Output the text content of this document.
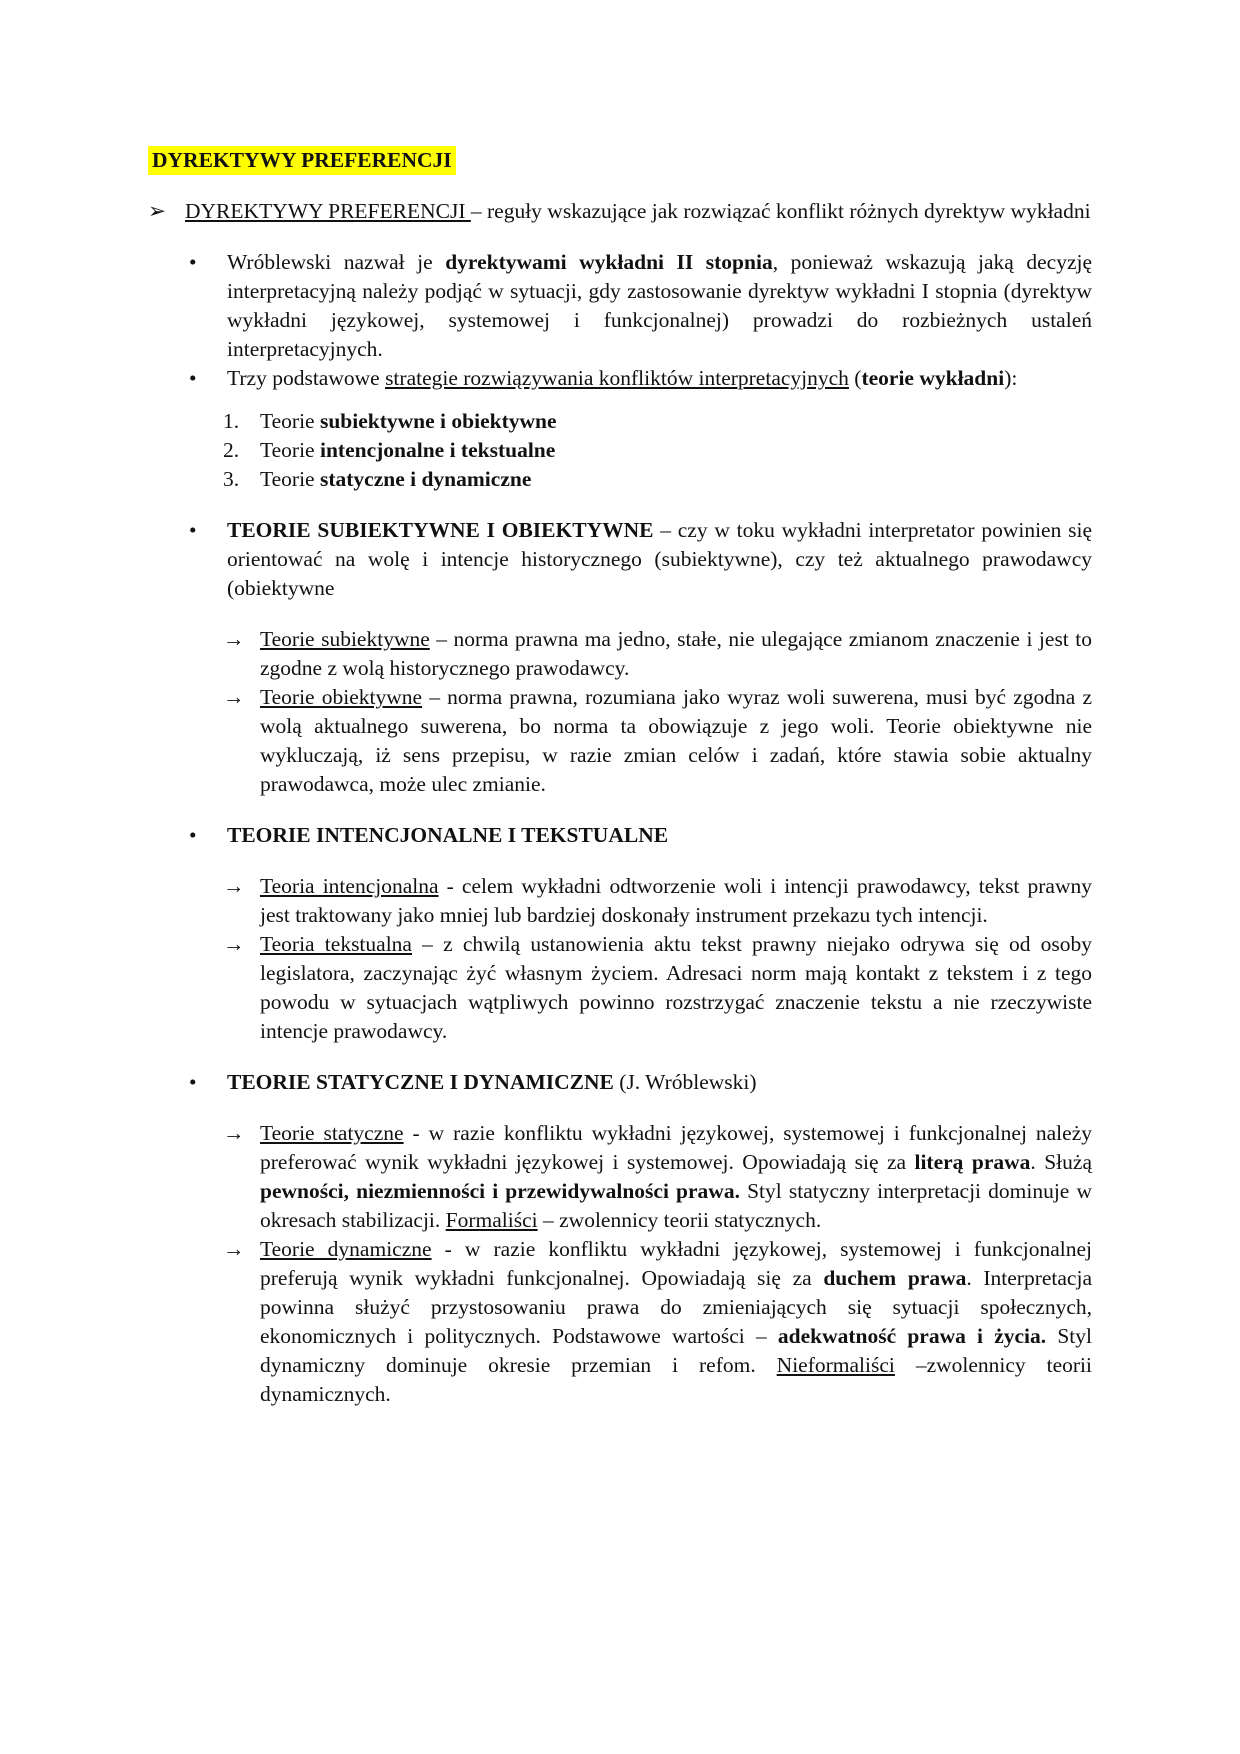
DYREKTYWY PREFERENCJI
➢ DYREKTYWY PREFERENCJI – reguły wskazujące jak rozwiązać konflikt różnych dyrektyw wykładni
•	Wróblewski nazwał je dyrektywami wykładni II stopnia, ponieważ wskazują jaką decyzję interpretacyjną należy podjąć w sytuacji, gdy zastosowanie dyrektyw wykładni I stopnia (dyrektyw wykładni językowej, systemowej i funkcjonalnej) prowadzi do rozbieżnych ustaleń interpretacyjnych.
•	Trzy podstawowe strategie rozwiązywania konfliktów interpretacyjnych (teorie wykładni):
1. Teorie subiektywne i obiektywne
2. Teorie intencjonalne i tekstualne
3. Teorie statyczne i dynamiczne
•	TEORIE SUBIEKTYWNE I OBIEKTYWNE – czy w toku wykładni interpretator powinien się orientować na wolę i intencje historycznego (subiektywne), czy też aktualnego prawodawcy (obiektywne
→ Teorie subiektywne – norma prawna ma jedno, stałe, nie ulegające zmianom znaczenie i jest to zgodne z wolą historycznego prawodawcy.
→ Teorie obiektywne – norma prawna, rozumiana jako wyraz woli suwerena, musi być zgodna z wolą aktualnego suwerena, bo norma ta obowiązuje z jego woli. Teorie obiektywne nie wykluczają, iż sens przepisu, w razie zmian celów i zadań, które stawia sobie aktualny prawodawca, może ulec zmianie.
•	TEORIE INTENCJONALNE I TEKSTUALNE
→ Teoria intencjonalna - celem wykładni odtworzenie woli i intencji prawodawcy, tekst prawny jest traktowany jako mniej lub bardziej doskonały instrument przekazu tych intencji.
→ Teoria tekstualna – z chwilą ustanowienia aktu tekst prawny niejako odrywa się od osoby legislatora, zaczynając żyć własnym życiem. Adresaci norm mają kontakt z tekstem i z tego powodu w sytuacjach wątpliwych powinno rozstrzygać znaczenie tekstu a nie rzeczywiste intencje prawodawcy.
•	TEORIE STATYCZNE I DYNAMICZNE (J. Wróblewski)
→ Teorie statyczne - w razie konfliktu wykładni językowej, systemowej i funkcjonalnej należy preferować wynik wykładni językowej i systemowej. Opowiadają się za literą prawa. Służą pewności, niezmienności i przewidywalności prawa. Styl statyczny interpretacji dominuje w okresach stabilizacji. Formaliści – zwolennicy teorii statycznych.
→ Teorie dynamiczne - w razie konfliktu wykładni językowej, systemowej i funkcjonalnej preferują wynik wykładni funkcjonalnej. Opowiadają się za duchem prawa. Interpretacja powinna służyć przystosowaniu prawa do zmieniających się sytuacji społecznych, ekonomicznych i politycznych. Podstawowe wartości – adekwatność prawa i życia. Styl dynamiczny dominuje okresie przemian i refom. Nieformaliści –zwolennicy teorii dynamicznych.
